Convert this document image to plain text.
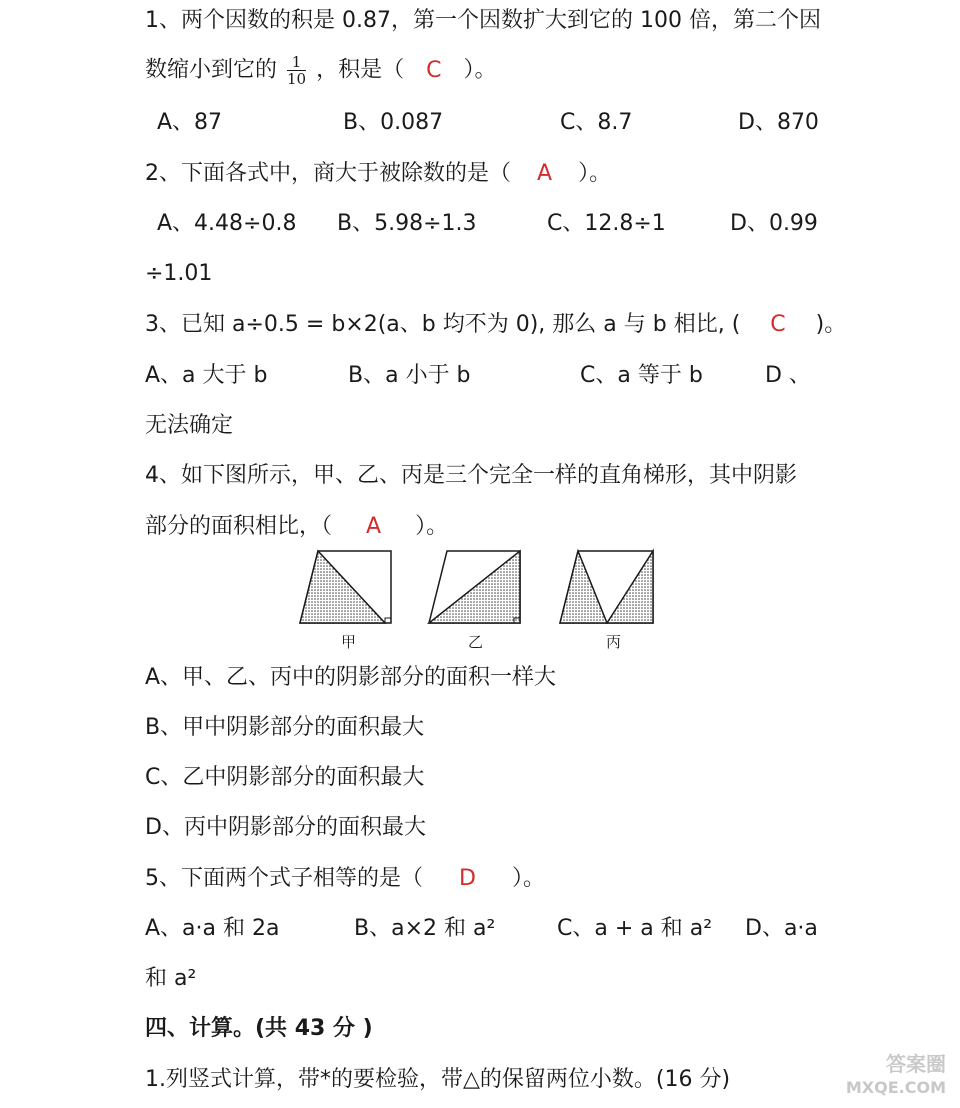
1、两个因数的积是 0.87，第一个因数扩大到它的 100 倍，第二个因
数缩小到它的 $\frac{1}{10}$ ，积是（ C ）。
A、87	B、0.087	C、8.7	D、870
2、下面各式中，商大于被除数的是（ A ）。
A、4.48÷0.8 B、5.98÷1.3	C、12.8÷1	D、0.99
÷1.01
3、已知 a÷0.5 = b×2(a、b 均不为 0), 那么 a 与 b 相比, ( C )。
A、a 大于 b	B、a 小于 b	C、a 等于 b	D 、
无法确定
4、如下图所示，甲、乙、丙是三个完全一样的直角梯形，其中阴影
部分的面积相比，（ A ）。
甲	乙	丙
A、甲、乙、丙中的阴影部分的面积一样大
B、甲中阴影部分的面积最大
C、乙中阴影部分的面积最大
D、丙中阴影部分的面积最大
5、下面两个式子相等的是（ D ）。
A、a·a 和 2a	B、a×2 和 a²	C、a + a 和 a² D、a·a
和 a²
四、计算。(共 43 分 )
1.列竖式计算，带*的要检验，带△的保留两位小数。(16 分)
答案圈
MXQE.COM
